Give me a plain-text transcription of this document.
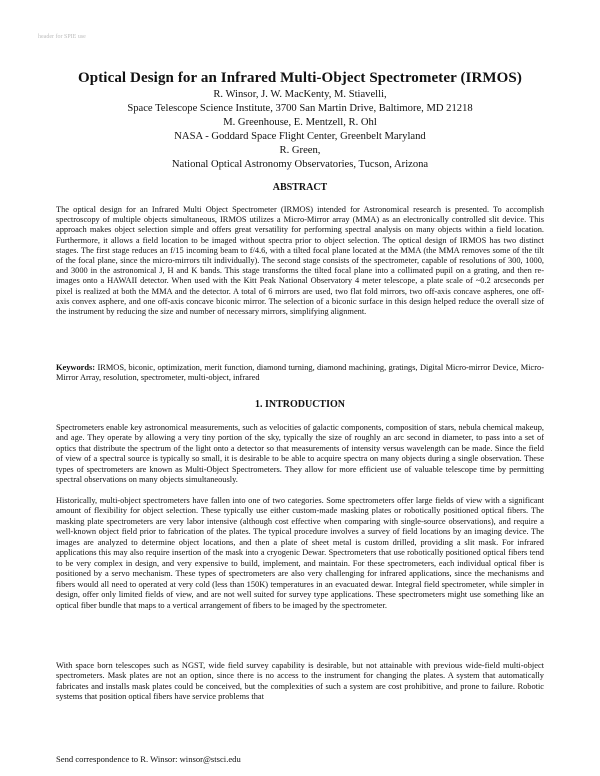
header for SPIE use
Optical Design for an Infrared Multi-Object Spectrometer (IRMOS)
R. Winsor, J. W. MacKenty, M. Stiavelli,
Space Telescope Science Institute, 3700 San Martin Drive, Baltimore, MD 21218
M. Greenhouse, E. Mentzell, R. Ohl
NASA - Goddard Space Flight Center, Greenbelt Maryland
R. Green,
National Optical Astronomy Observatories, Tucson, Arizona
ABSTRACT
The optical design for an Infrared Multi Object Spectrometer (IRMOS) intended for Astronomical research is presented. To accomplish spectroscopy of multiple objects simultaneous, IRMOS utilizes a Micro-Mirror array (MMA) as an electronically controlled slit device. This approach makes object selection simple and offers great versatility for performing spectral analysis on many objects within a field location. Furthermore, it allows a field location to be imaged without spectra prior to object selection. The optical design of IRMOS has two distinct stages. The first stage reduces an f/15 incoming beam to f/4.6, with a tilted focal plane located at the MMA (the MMA removes some of the tilt of the focal plane, since the micro-mirrors tilt individually). The second stage consists of the spectrometer, capable of resolutions of 300, 1000, and 3000 in the astronomical J, H and K bands. This stage transforms the tilted focal plane into a collimated pupil on a grating, and then re-images onto a HAWAII detector. When used with the Kitt Peak National Observatory 4 meter telescope, a plate scale of ~0.2 arcseconds per pixel is realized at both the MMA and the detector. A total of 6 mirrors are used, two flat fold mirrors, two off-axis concave aspheres, one off-axis convex asphere, and one off-axis concave biconic mirror. The selection of a biconic surface in this design helped reduce the overall size of the instrument by reducing the size and number of necessary mirrors, simplifying alignment.
Keywords: IRMOS, biconic, optimization, merit function, diamond turning, diamond machining, gratings, Digital Micro-mirror Device, Micro-Mirror Array, resolution, spectrometer, multi-object, infrared
1. INTRODUCTION
Spectrometers enable key astronomical measurements, such as velocities of galactic components, composition of stars, nebula chemical makeup, and age. They operate by allowing a very tiny portion of the sky, typically the size of roughly an arc second in diameter, to pass into a set of optics that distribute the spectrum of the light onto a detector so that measurements of intensity versus wavelength can be made. Since the field of view of a spectral source is typically so small, it is desirable to be able to acquire spectra on many objects during a single observation. These types of spectrometers are known as Multi-Object Spectrometers. They allow for more efficient use of valuable telescope time by permitting spectral observations on many objects simultaneously.
Historically, multi-object spectrometers have fallen into one of two categories. Some spectrometers offer large fields of view with a significant amount of flexibility for object selection. These typically use either custom-made masking plates or robotically positioned optical fibers. The masking plate spectrometers are very labor intensive (although cost effective when comparing with single-source observations), and require a well-known object field prior to fabrication of the plates. The typical procedure involves a survey of field locations by an imaging device. The images are analyzed to determine object locations, and then a plate of sheet metal is custom drilled, providing a slit mask. For infrared applications this may also require insertion of the mask into a cryogenic Dewar. Spectrometers that use robotically positioned optical fibers tend to be very complex in design, and very expensive to build, implement, and maintain. For these spectrometers, each individual optical fiber is positioned by a servo mechanism. These types of spectrometers are also very challenging for infrared applications, since the mechanisms and fibers would all need to operated at very cold (less than 150K) temperatures in an evacuated dewar. Integral field spectrometer, while simpler in design, offer only limited fields of view, and are not well suited for survey type applications. These spectrometers might use something like an optical fiber bundle that maps to a vertical arrangement of fibers to be imaged by the spectrometer.
With space born telescopes such as NGST, wide field survey capability is desirable, but not attainable with previous wide-field multi-object spectrometers. Mask plates are not an option, since there is no access to the instrument for changing the plates. A system that automatically fabricates and installs mask plates could be conceived, but the complexities of such a system are cost prohibitive, and prone to failure. Robotic systems that position optical fibers have service problems that
Send correspondence to R. Winsor: winsor@stsci.edu
